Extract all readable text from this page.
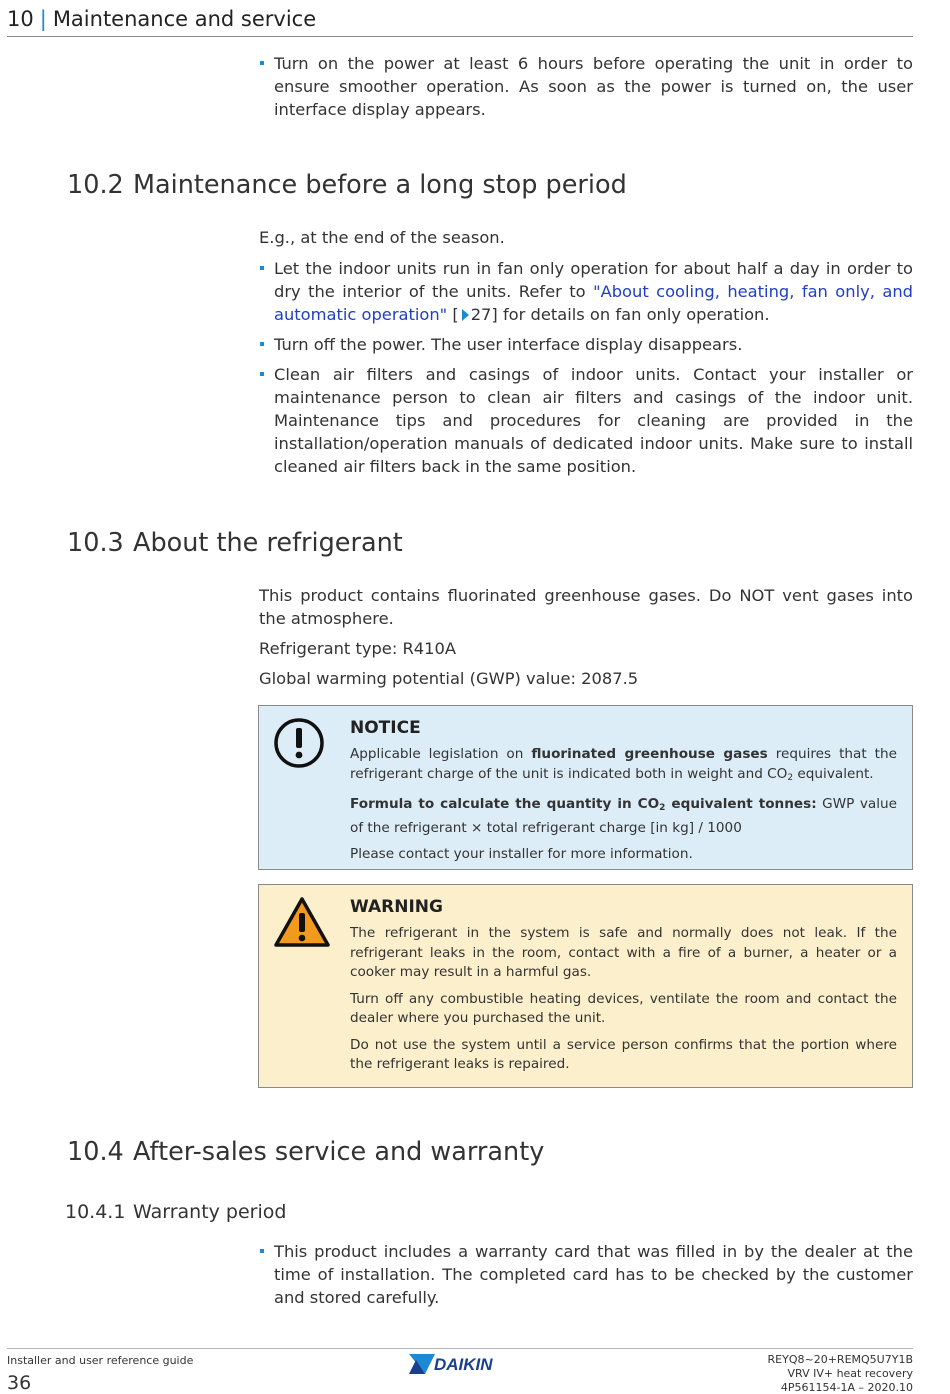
10 | Maintenance and service
Turn on the power at least 6 hours before operating the unit in order to ensure smoother operation. As soon as the power is turned on, the user interface display appears.
10.2 Maintenance before a long stop period

E.g., at the end of the season.

Let the indoor units run in fan only operation for about half a day in order to dry the interior of the units. Refer to "About cooling, heating, fan only, and automatic operation" [ 27] for details on fan only operation.
Turn off the power. The user interface display disappears.
Clean air filters and casings of indoor units. Contact your installer or maintenance person to clean air filters and casings of the indoor unit. Maintenance tips and procedures for cleaning are provided in the installation/operation manuals of dedicated indoor units. Make sure to install cleaned air filters back in the same position.
10.3 About the refrigerant

This product contains fluorinated greenhouse gases. Do NOT vent gases into the atmosphere.

Refrigerant type: R410A

Global warming potential (GWP) value: 2087.5

NOTICE

Applicable legislation on fluorinated greenhouse gases requires that the refrigerant charge of the unit is indicated both in weight and $CO_2$ equivalent.

Formula to calculate the quantity in $CO_2$ equivalent tonnes: GWP value of the refrigerant × total refrigerant charge [in kg] / 1000

Please contact your installer for more information.

WARNING

The refrigerant in the system is safe and normally does not leak. If the refrigerant leaks in the room, contact with a fire of a burner, a heater or a cooker may result in a harmful gas.

Turn off any combustible heating devices, ventilate the room and contact the dealer where you purchased the unit.

Do not use the system until a service person confirms that the portion where the refrigerant leaks is repaired.

10.4 After-sales service and warranty
10.4.1 Warranty period
This product includes a warranty card that was filled in by the dealer at the time of installation. The completed card has to be checked by the customer and stored carefully.
Installer and user reference guide
36
DAIKIN	REYQ8~20+REMQ5U7Y1B
VRV IV+ heat recovery
4P561154-1A – 2020.10
